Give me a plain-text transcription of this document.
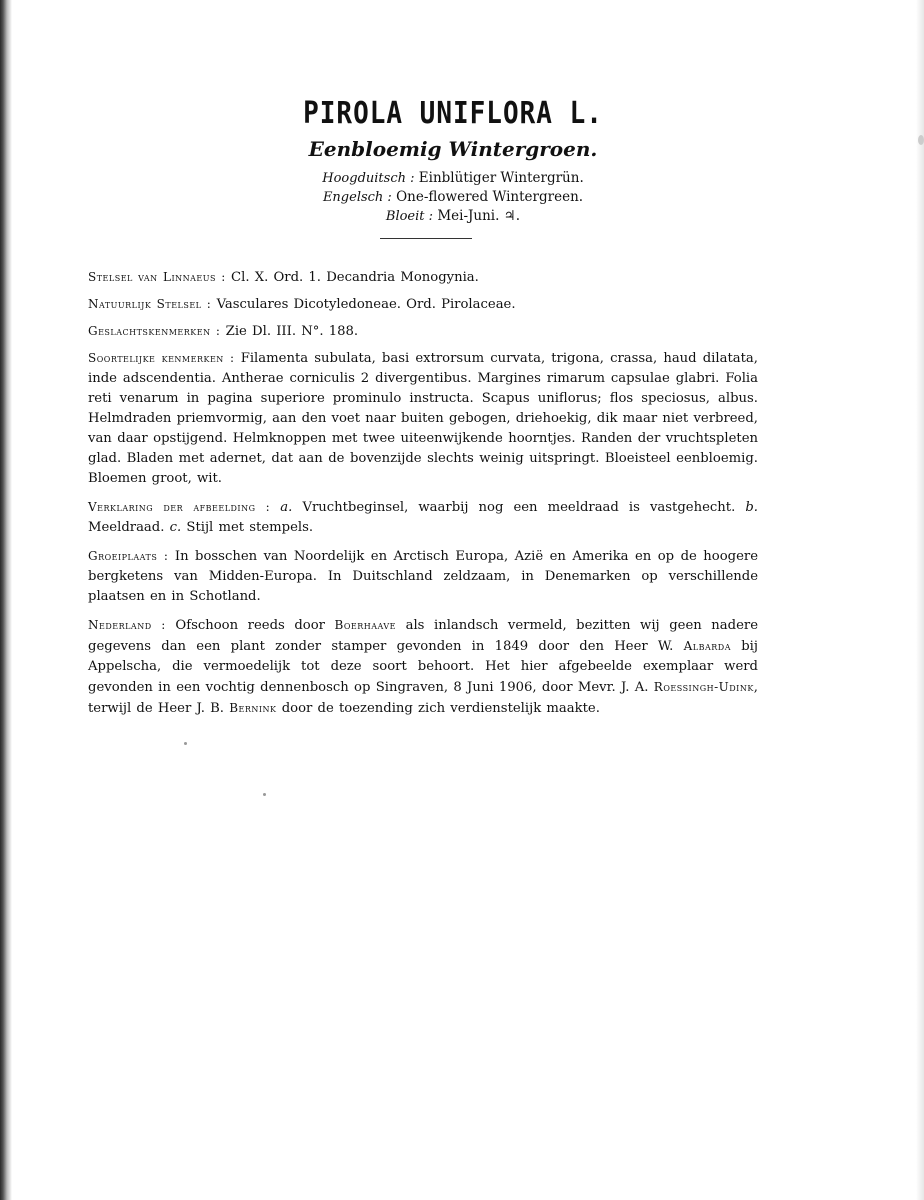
PIROLA UNIFLORA L.
Eenbloemig Wintergroen.

Hoogduitsch : Einblütiger Wintergrün.

Engelsch : One-flowered Wintergreen.

Bloeit : Mei-Juni. ♃.

Stelsel van Linnaeus : Cl. X. Ord. 1. Decandria Monogynia.

Natuurlijk Stelsel : Vasculares Dicotyledoneae. Ord. Pirolaceae.

Geslachtskenmerken : Zie Dl. III. N°. 188.

Soortelijke kenmerken : Filamenta subulata, basi extrorsum curvata, trigona, crassa, haud dilatata, inde adscendentia. Antherae corniculis 2 divergentibus. Margines rimarum capsulae glabri. Folia reti venarum in pagina superiore prominulo instructa. Scapus uniflorus; flos speciosus, albus. Helmdraden priemvormig, aan den voet naar buiten gebogen, driehoekig, dik maar niet verbreed, van daar opstijgend. Helmknoppen met twee uiteenwijkende hoorntjes. Randen der vruchtspleten glad. Bladen met adernet, dat aan de bovenzijde slechts weinig uitspringt. Bloeisteel eenbloemig. Bloemen groot, wit.

Verklaring der afbeelding : a. Vruchtbeginsel, waarbij nog een meeldraad is vastgehecht. b. Meeldraad. c. Stijl met stempels.

Groeiplaats : In bosschen van Noordelijk en Arctisch Europa, Azië en Amerika en op de hoogere bergketens van Midden-Europa. In Duitschland zeldzaam, in Denemarken op verschillende plaatsen en in Schotland.

Nederland : Ofschoon reeds door Boerhaave als inlandsch vermeld, bezitten wij geen nadere gegevens dan een plant zonder stamper gevonden in 1849 door den Heer W. Albarda bij Appelscha, die vermoedelijk tot deze soort behoort. Het hier afgebeelde exemplaar werd gevonden in een vochtig dennenbosch op Singraven, 8 Juni 1906, door Mevr. J. A. Roessingh-Udink, terwijl de Heer J. B. Bernink door de toezending zich verdienstelijk maakte.
